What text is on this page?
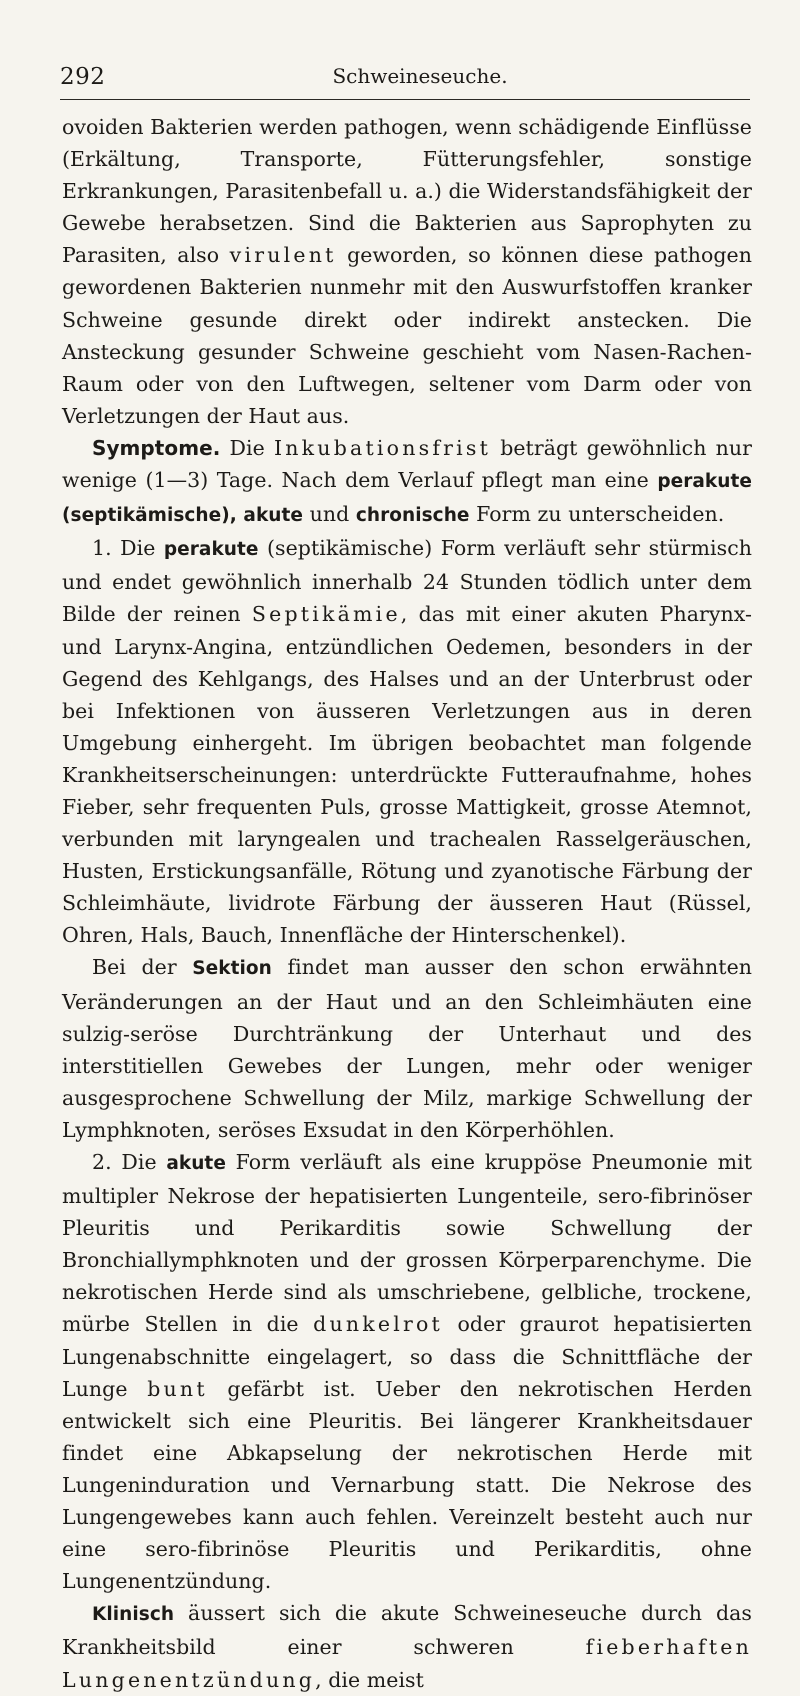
292	Schweineseuche.

ovoiden Bakterien werden pathogen, wenn schädigende Einflüsse (Erkältung, Transporte, Fütterungsfehler, sonstige Erkrankungen, Parasitenbefall u. a.) die Widerstandsfähigkeit der Gewebe herabsetzen. Sind die Bakterien aus Saprophyten zu Parasiten, also virulent geworden, so können diese pathogen gewordenen Bakterien nunmehr mit den Auswurfstoffen kranker Schweine gesunde direkt oder indirekt anstecken. Die Ansteckung gesunder Schweine geschieht vom Nasen-Rachen-Raum oder von den Luftwegen, seltener vom Darm oder von Verletzungen der Haut aus.

Symptome. Die Inkubationsfrist beträgt gewöhnlich nur wenige (1—3) Tage. Nach dem Verlauf pflegt man eine perakute (septikämische), akute und chronische Form zu unterscheiden.

1. Die perakute (septikämische) Form verläuft sehr stürmisch und endet gewöhnlich innerhalb 24 Stunden tödlich unter dem Bilde der reinen Septikämie, das mit einer akuten Pharynx- und Larynx-Angina, entzündlichen Oedemen, besonders in der Gegend des Kehlgangs, des Halses und an der Unterbrust oder bei Infektionen von äusseren Verletzungen aus in deren Umgebung einhergeht. Im übrigen beobachtet man folgende Krankheitserscheinungen: unterdrückte Futteraufnahme, hohes Fieber, sehr frequenten Puls, grosse Mattigkeit, grosse Atemnot, verbunden mit laryngealen und trachealen Rasselgeräuschen, Husten, Erstickungsanfälle, Rötung und zyanotische Färbung der Schleimhäute, lividrote Färbung der äusseren Haut (Rüssel, Ohren, Hals, Bauch, Innenfläche der Hinterschenkel).

Bei der Sektion findet man ausser den schon erwähnten Veränderungen an der Haut und an den Schleimhäuten eine sulzig-seröse Durchtränkung der Unterhaut und des interstitiellen Gewebes der Lungen, mehr oder weniger ausgesprochene Schwellung der Milz, markige Schwellung der Lymphknoten, seröses Exsudat in den Körperhöhlen.

2. Die akute Form verläuft als eine kruppöse Pneumonie mit multipler Nekrose der hepatisierten Lungenteile, sero-fibrinöser Pleuritis und Perikarditis sowie Schwellung der Bronchiallymphknoten und der grossen Körperparenchyme. Die nekrotischen Herde sind als umschriebene, gelbliche, trockene, mürbe Stellen in die dunkelrot oder graurot hepatisierten Lungenabschnitte eingelagert, so dass die Schnittfläche der Lunge bunt gefärbt ist. Ueber den nekrotischen Herden entwickelt sich eine Pleuritis. Bei längerer Krankheitsdauer findet eine Abkapselung der nekrotischen Herde mit Lungeninduration und Vernarbung statt. Die Nekrose des Lungengewebes kann auch fehlen. Vereinzelt besteht auch nur eine sero-fibrinöse Pleuritis und Perikarditis, ohne Lungenentzündung.

Klinisch äussert sich die akute Schweineseuche durch das Krankheitsbild einer schweren fieberhaften Lungenentzündung, die meist
